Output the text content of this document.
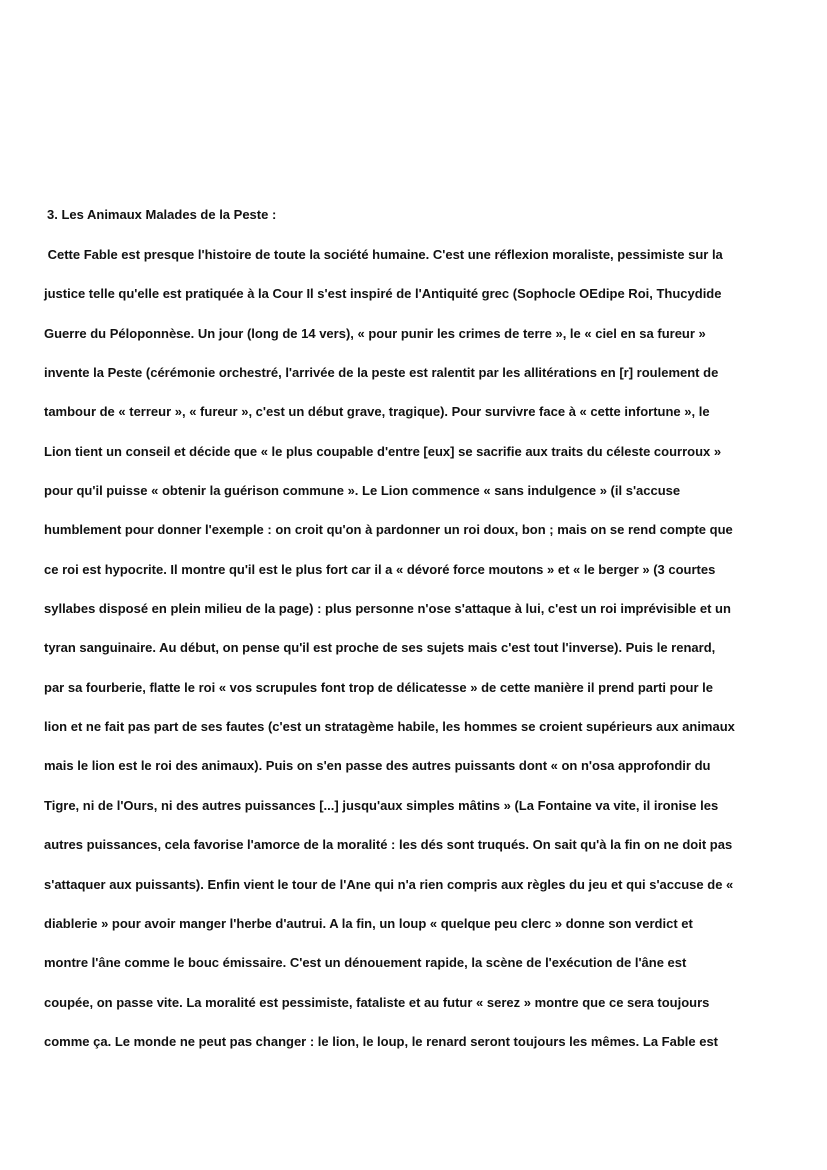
3. Les Animaux Malades de la Peste :
Cette Fable est presque l'histoire de toute la société humaine. C'est une réflexion moraliste, pessimiste sur la
justice telle qu'elle est pratiquée à la Cour Il s'est inspiré de l'Antiquité grec (Sophocle OEdipe Roi, Thucydide
Guerre du Péloponnèse. Un jour (long de 14 vers), « pour punir les crimes de terre », le « ciel en sa fureur »
invente la Peste (cérémonie orchestré, l'arrivée de la peste est ralentit par les allitérations en [r] roulement de
tambour de « terreur », « fureur », c'est un début grave, tragique). Pour survivre face à « cette infortune », le
Lion tient un conseil et décide que « le plus coupable d'entre [eux] se sacrifie aux traits du céleste courroux »
pour qu'il puisse « obtenir la guérison commune ». Le Lion commence « sans indulgence » (il s'accuse
humblement pour donner l'exemple : on croit qu'on à pardonner un roi doux, bon ; mais on se rend compte que
ce roi est hypocrite. Il montre qu'il est le plus fort car il a « dévoré force moutons » et « le berger » (3 courtes
syllabes disposé en plein milieu de la page) : plus personne n'ose s'attaque à lui, c'est un roi imprévisible et un
tyran sanguinaire. Au début, on pense qu'il est proche de ses sujets mais c'est tout l'inverse). Puis le renard,
par sa fourberie, flatte le roi « vos scrupules font trop de délicatesse » de cette manière il prend parti pour le
lion et ne fait pas part de ses fautes (c'est un stratagème habile, les hommes se croient supérieurs aux animaux
mais le lion est le roi des animaux). Puis on s'en passe des autres puissants dont « on n'osa approfondir du
Tigre, ni de l'Ours, ni des autres puissances [...] jusqu'aux simples mâtins » (La Fontaine va vite, il ironise les
autres puissances, cela favorise l'amorce de la moralité : les dés sont truqués. On sait qu'à la fin on ne doit pas
s'attaquer aux puissants). Enfin vient le tour de l'Ane qui n'a rien compris aux règles du jeu et qui s'accuse de «
diablerie » pour avoir manger l'herbe d'autrui. A la fin, un loup « quelque peu clerc » donne son verdict et
montre l'âne comme le bouc émissaire. C'est un dénouement rapide, la scène de l'exécution de l'âne est
coupée, on passe vite. La moralité est pessimiste, fataliste et au futur « serez » montre que ce sera toujours
comme ça. Le monde ne peut pas changer : le lion, le loup, le renard seront toujours les mêmes. La Fable est
